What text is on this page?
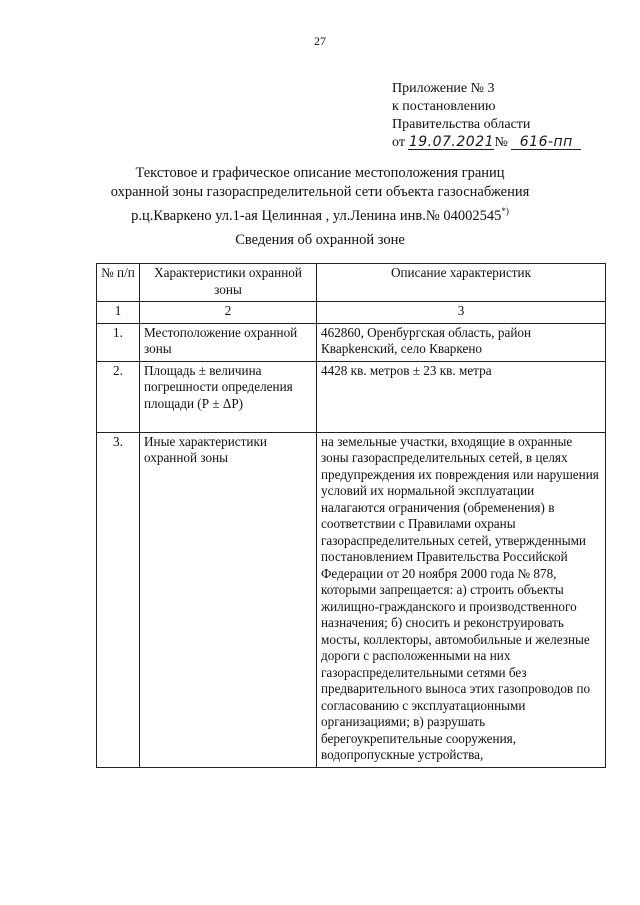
27
Приложение № 3
к постановлению
Правительства области
от 19.07.2021№ 616-пп
Текстовое и графическое описание местоположения границ
охранной зоны газораспределительной сети объекта газоснабжения
р.ц.Кваркено ул.1-ая Целинная , ул.Ленина инв.№ 04002545*)
Сведения об охранной зоне
№ п/п	Характеристики охранной зоны	Описание характеристик
1	2	3
1.	Местоположение охранной зоны	462860, Оренбургская область, район Кварkенский, село Кваркено
2.	Площадь ± величина погрешности определения площади (Р ± ΔР)	4428 кв. метров ± 23 кв. метра
3.	Иные характеристики охранной зоны	на земельные участки, входящие в охранные зоны газораспределительных сетей, в целях предупреждения их повреждения или нарушения условий их нормальной эксплуатации налагаются ограничения (обременения) в соответствии с Правилами охраны газораспределительных сетей, утвержденными постановлением Правительства Российской Федерации от 20 ноября 2000 года № 878, которыми запрещается: а) строить объекты жилищно-гражданского и производственного назначения; б) сносить и реконструировать мосты, коллекторы, автомобильные и железные дороги с расположенными на них газораспределительными сетями без предварительного выноса этих газопроводов по согласованию с эксплуатационными организациями; в) разрушать берегоукрепительные сооружения, водопропускные устройства,
